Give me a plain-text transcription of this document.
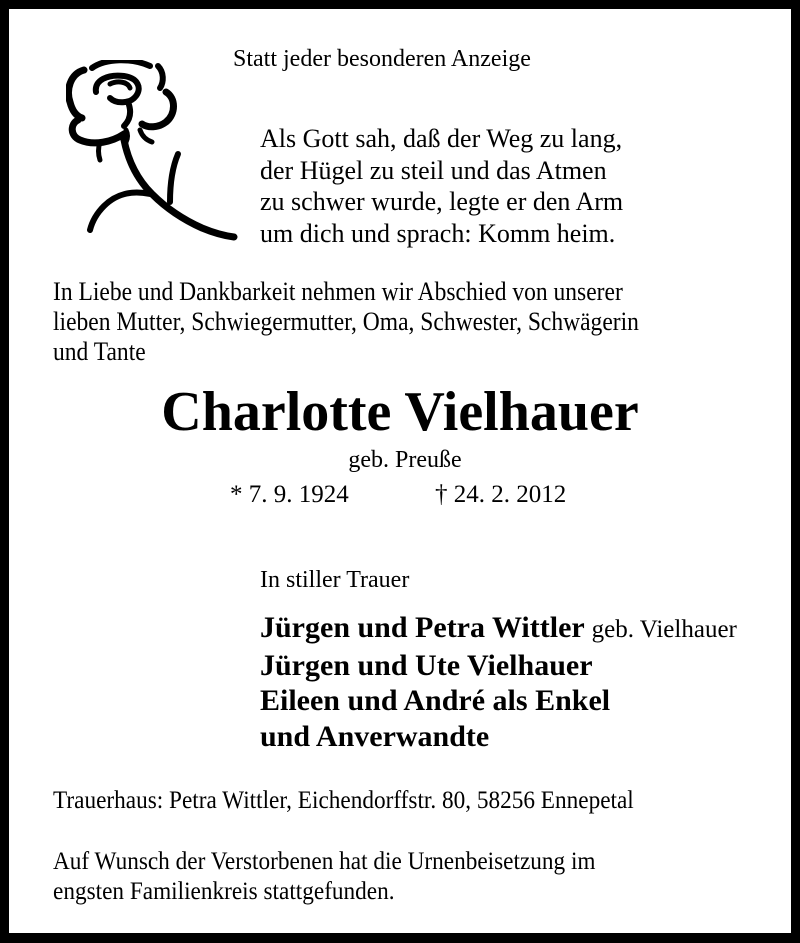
Statt jeder besonderen Anzeige
Als Gott sah, daß der Weg zu lang,
der Hügel zu steil und das Atmen
zu schwer wurde, legte er den Arm
um dich und sprach: Komm heim.
In Liebe und Dankbarkeit nehmen wir Abschied von unserer
lieben Mutter, Schwiegermutter, Oma, Schwester, Schwägerin
und Tante
Charlotte Vielhauer
geb. Preuße
* 7. 9. 1924	† 24. 2. 2012
In stiller Trauer
Jürgen und Petra Wittler geb. Vielhauer
Jürgen und Ute Vielhauer
Eileen und André als Enkel
und Anverwandte
Trauerhaus: Petra Wittler, Eichendorffstr. 80, 58256 Ennepetal
Auf Wunsch der Verstorbenen hat die Urnenbeisetzung im
engsten Familienkreis stattgefunden.
